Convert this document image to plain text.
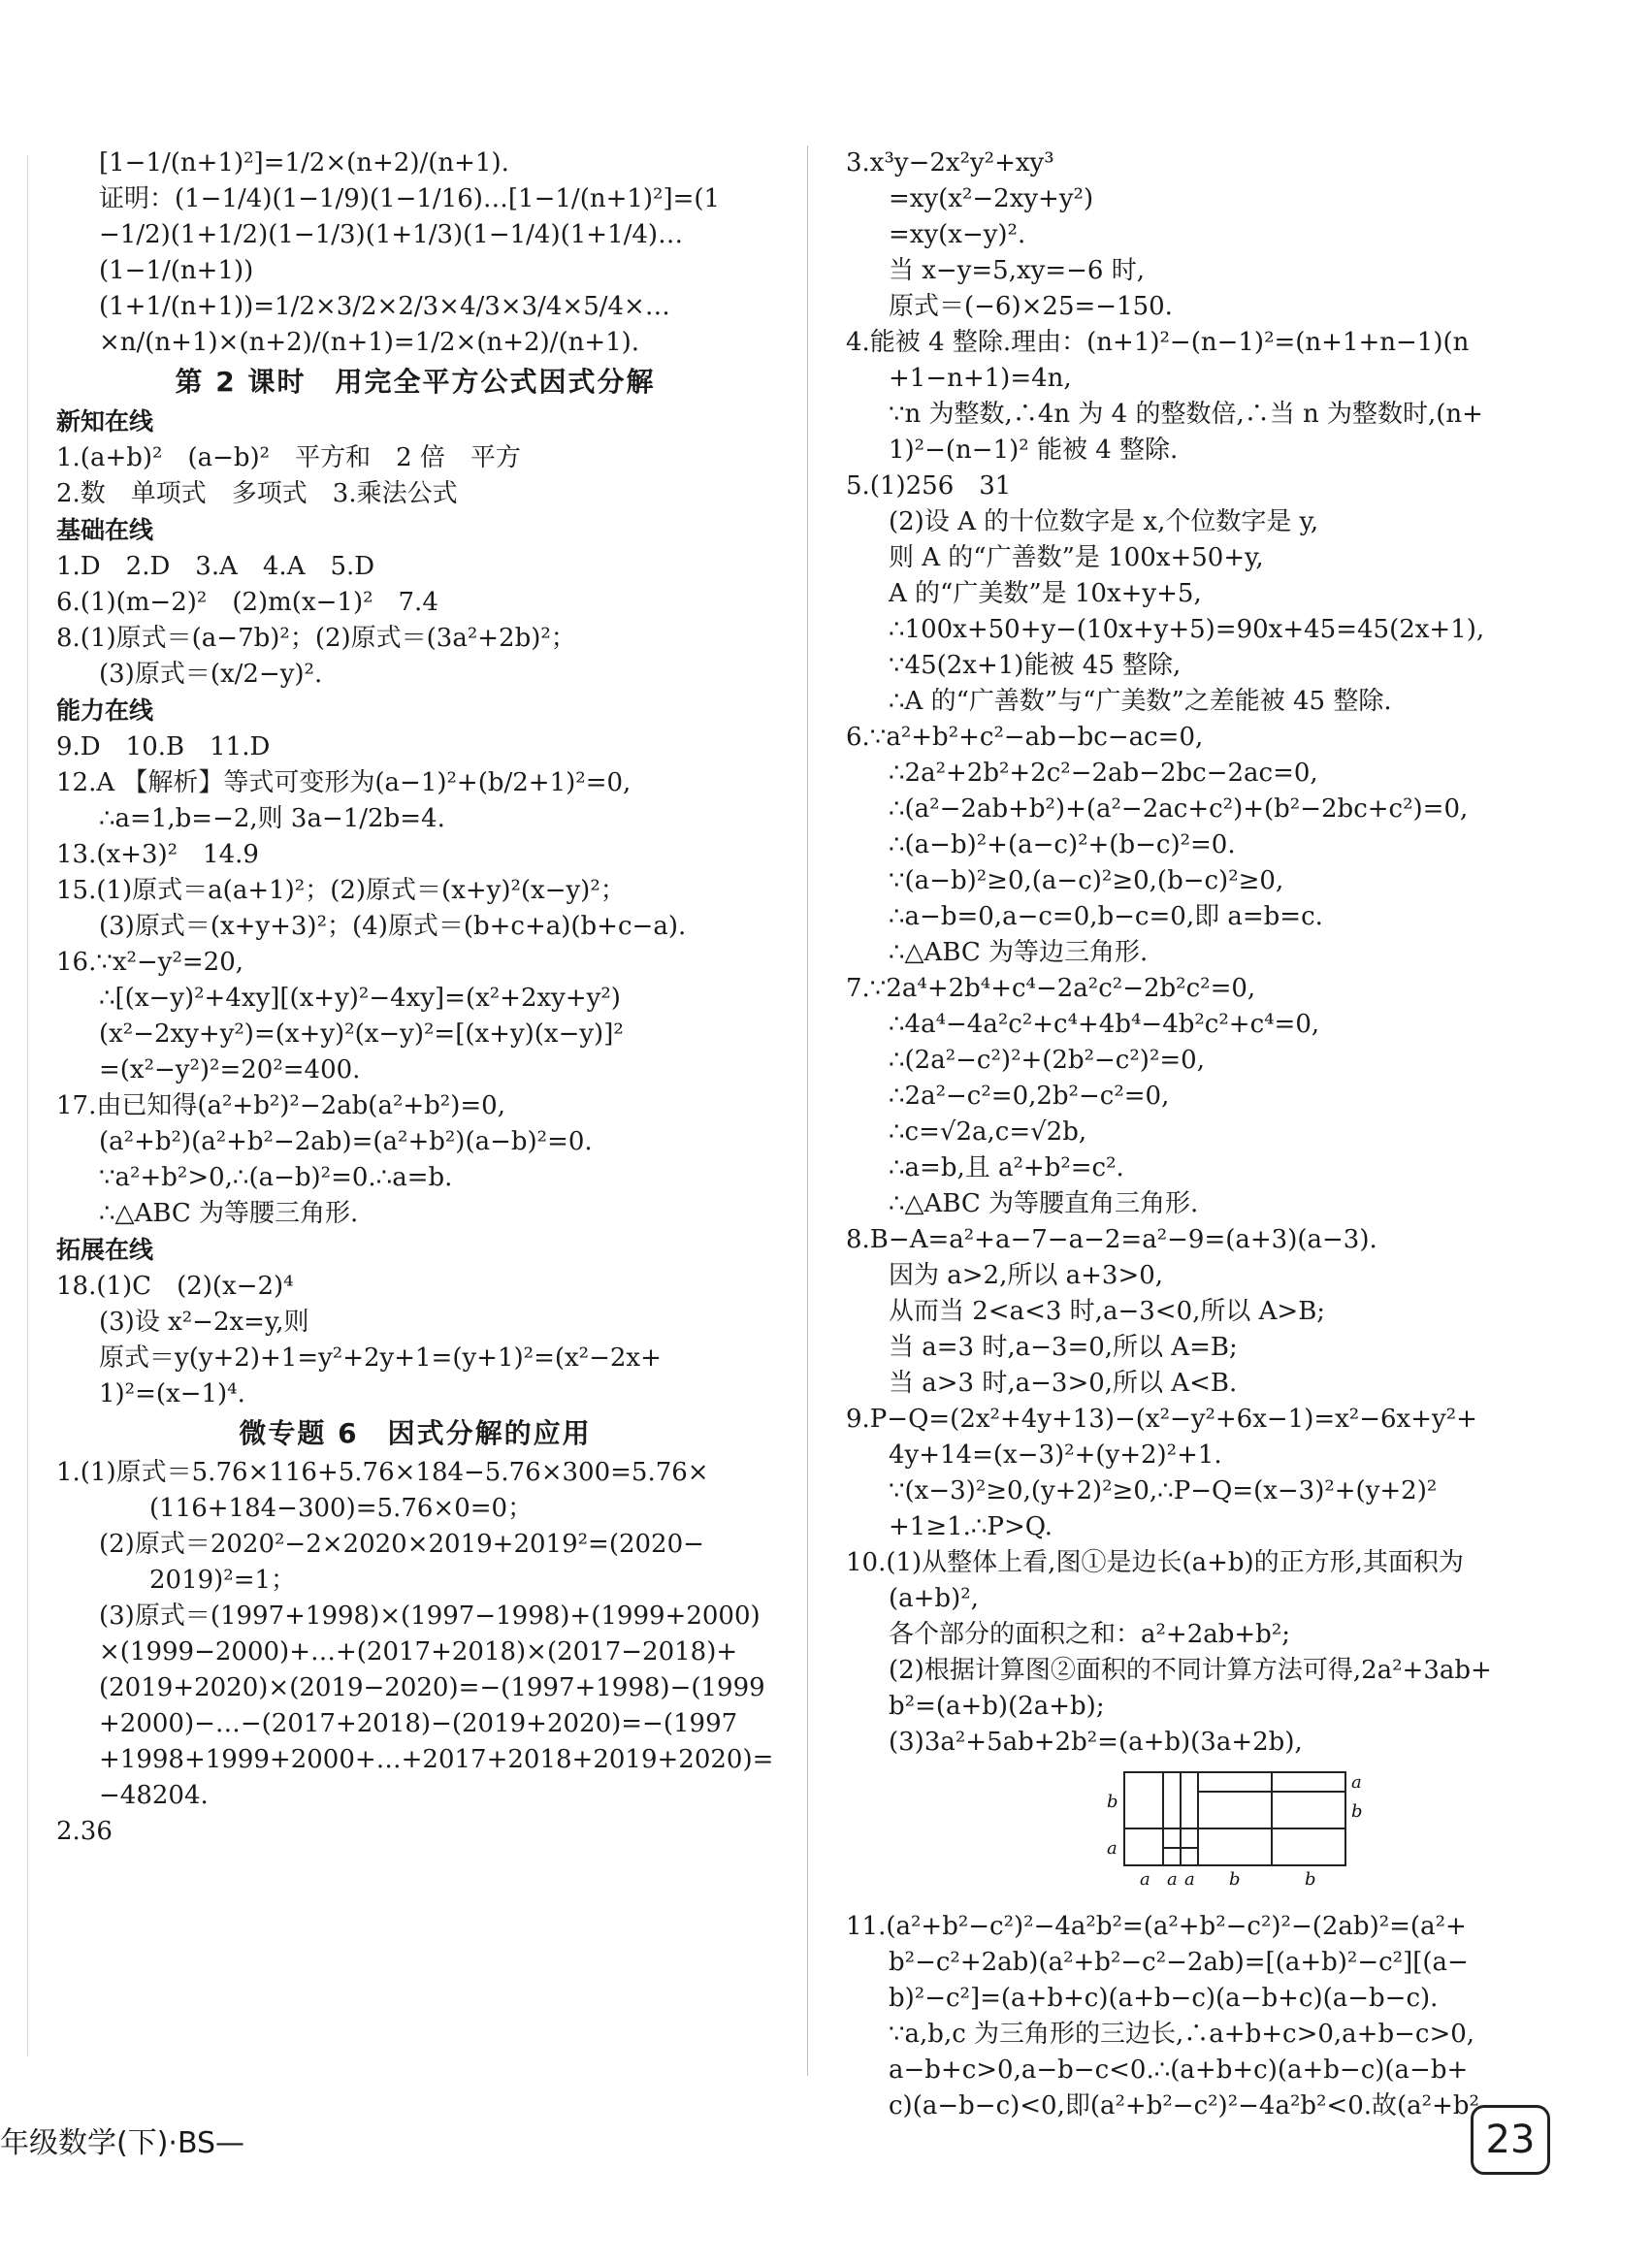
[1−1/(n+1)²]=1/2×(n+2)/(n+1).
证明：(1−1/4)(1−1/9)(1−1/16)…[1−1/(n+1)²]=(1
−1/2)(1+1/2)(1−1/3)(1+1/3)(1−1/4)(1+1/4)…
(1−1/(n+1))(1+1/(n+1))=1/2×3/2×2/3×4/3×3/4×5/4×…
×n/(n+1)×(n+2)/(n+1)=1/2×(n+2)/(n+1).
第 2 课时　用完全平方公式因式分解
新知在线
1.(a+b)²　(a−b)²　平方和　2 倍　平方
2.数　单项式　多项式　3.乘法公式
基础在线
1.D　2.D　3.A　4.A　5.D
6.(1)(m−2)²　(2)m(x−1)²　7.4
8.(1)原式＝(a−7b)²；(2)原式＝(3a²+2b)²；
(3)原式＝(x/2−y)².
能力在线
9.D　10.B　11.D
12.A 【解析】等式可变形为(a−1)²+(b/2+1)²=0,
∴a=1,b=−2,则 3a−1/2b=4.
13.(x+3)²　14.9
15.(1)原式＝a(a+1)²；(2)原式＝(x+y)²(x−y)²；
(3)原式＝(x+y+3)²；(4)原式＝(b+c+a)(b+c−a).
16.∵x²−y²=20,
∴[(x−y)²+4xy][(x+y)²−4xy]=(x²+2xy+y²)
(x²−2xy+y²)=(x+y)²(x−y)²=[(x+y)(x−y)]²
=(x²−y²)²=20²=400.
17.由已知得(a²+b²)²−2ab(a²+b²)=0,
(a²+b²)(a²+b²−2ab)=(a²+b²)(a−b)²=0.
∵a²+b²>0,∴(a−b)²=0.∴a=b.
∴△ABC 为等腰三角形.
拓展在线
18.(1)C　(2)(x−2)⁴
(3)设 x²−2x=y,则
原式＝y(y+2)+1=y²+2y+1=(y+1)²=(x²−2x+
1)²=(x−1)⁴.
微专题 6　因式分解的应用
1.(1)原式＝5.76×116+5.76×184−5.76×300=5.76×
(116+184−300)=5.76×0=0；
(2)原式＝2020²−2×2020×2019+2019²=(2020−
2019)²=1；
(3)原式＝(1997+1998)×(1997−1998)+(1999+2000)
×(1999−2000)+…+(2017+2018)×(2017−2018)+
(2019+2020)×(2019−2020)=−(1997+1998)−(1999
+2000)−…−(2017+2018)−(2019+2020)=−(1997
+1998+1999+2000+…+2017+2018+2019+2020)=
−48204.
2.36
3.x³y−2x²y²+xy³
=xy(x²−2xy+y²)
=xy(x−y)².
当 x−y=5,xy=−6 时,
原式＝(−6)×25=−150.
4.能被 4 整除.理由：(n+1)²−(n−1)²=(n+1+n−1)(n
+1−n+1)=4n,
∵n 为整数,∴4n 为 4 的整数倍,∴当 n 为整数时,(n+
1)²−(n−1)² 能被 4 整除.
5.(1)256　31
(2)设 A 的十位数字是 x,个位数字是 y,
则 A 的“广善数”是 100x+50+y,
A 的“广美数”是 10x+y+5,
∴100x+50+y−(10x+y+5)=90x+45=45(2x+1),
∵45(2x+1)能被 45 整除,
∴A 的“广善数”与“广美数”之差能被 45 整除.
6.∵a²+b²+c²−ab−bc−ac=0,
∴2a²+2b²+2c²−2ab−2bc−2ac=0,
∴(a²−2ab+b²)+(a²−2ac+c²)+(b²−2bc+c²)=0,
∴(a−b)²+(a−c)²+(b−c)²=0.
∵(a−b)²≥0,(a−c)²≥0,(b−c)²≥0,
∴a−b=0,a−c=0,b−c=0,即 a=b=c.
∴△ABC 为等边三角形.
7.∵2a⁴+2b⁴+c⁴−2a²c²−2b²c²=0,
∴4a⁴−4a²c²+c⁴+4b⁴−4b²c²+c⁴=0,
∴(2a²−c²)²+(2b²−c²)²=0,
∴2a²−c²=0,2b²−c²=0,
∴c=√2a,c=√2b,
∴a=b,且 a²+b²=c².
∴△ABC 为等腰直角三角形.
8.B−A=a²+a−7−a−2=a²−9=(a+3)(a−3).
因为 a>2,所以 a+3>0,
从而当 2<a<3 时,a−3<0,所以 A>B;
当 a=3 时,a−3=0,所以 A=B;
当 a>3 时,a−3>0,所以 A<B.
9.P−Q=(2x²+4y+13)−(x²−y²+6x−1)=x²−6x+y²+
4y+14=(x−3)²+(y+2)²+1.
∵(x−3)²≥0,(y+2)²≥0,∴P−Q=(x−3)²+(y+2)²
+1≥1.∴P>Q.
10.(1)从整体上看,图①是边长(a+b)的正方形,其面积为
(a+b)²,
各个部分的面积之和：a²+2ab+b²;
(2)根据计算图②面积的不同计算方法可得,2a²+3ab+
b²=(a+b)(2a+b);
(3)3a²+5ab+2b²=(a+b)(3a+2b),
b
a
a
b
a a a b	b
11.(a²+b²−c²)²−4a²b²=(a²+b²−c²)²−(2ab)²=(a²+
b²−c²+2ab)(a²+b²−c²−2ab)=[(a+b)²−c²][(a−
b)²−c²]=(a+b+c)(a+b−c)(a−b+c)(a−b−c).
∵a,b,c 为三角形的三边长,∴a+b+c>0,a+b−c>0,
a−b+c>0,a−b−c<0.∴(a+b+c)(a+b−c)(a−b+
c)(a−b−c)<0,即(a²+b²−c²)²−4a²b²<0.故(a²+b²
年级数学(下)·BS—	23
